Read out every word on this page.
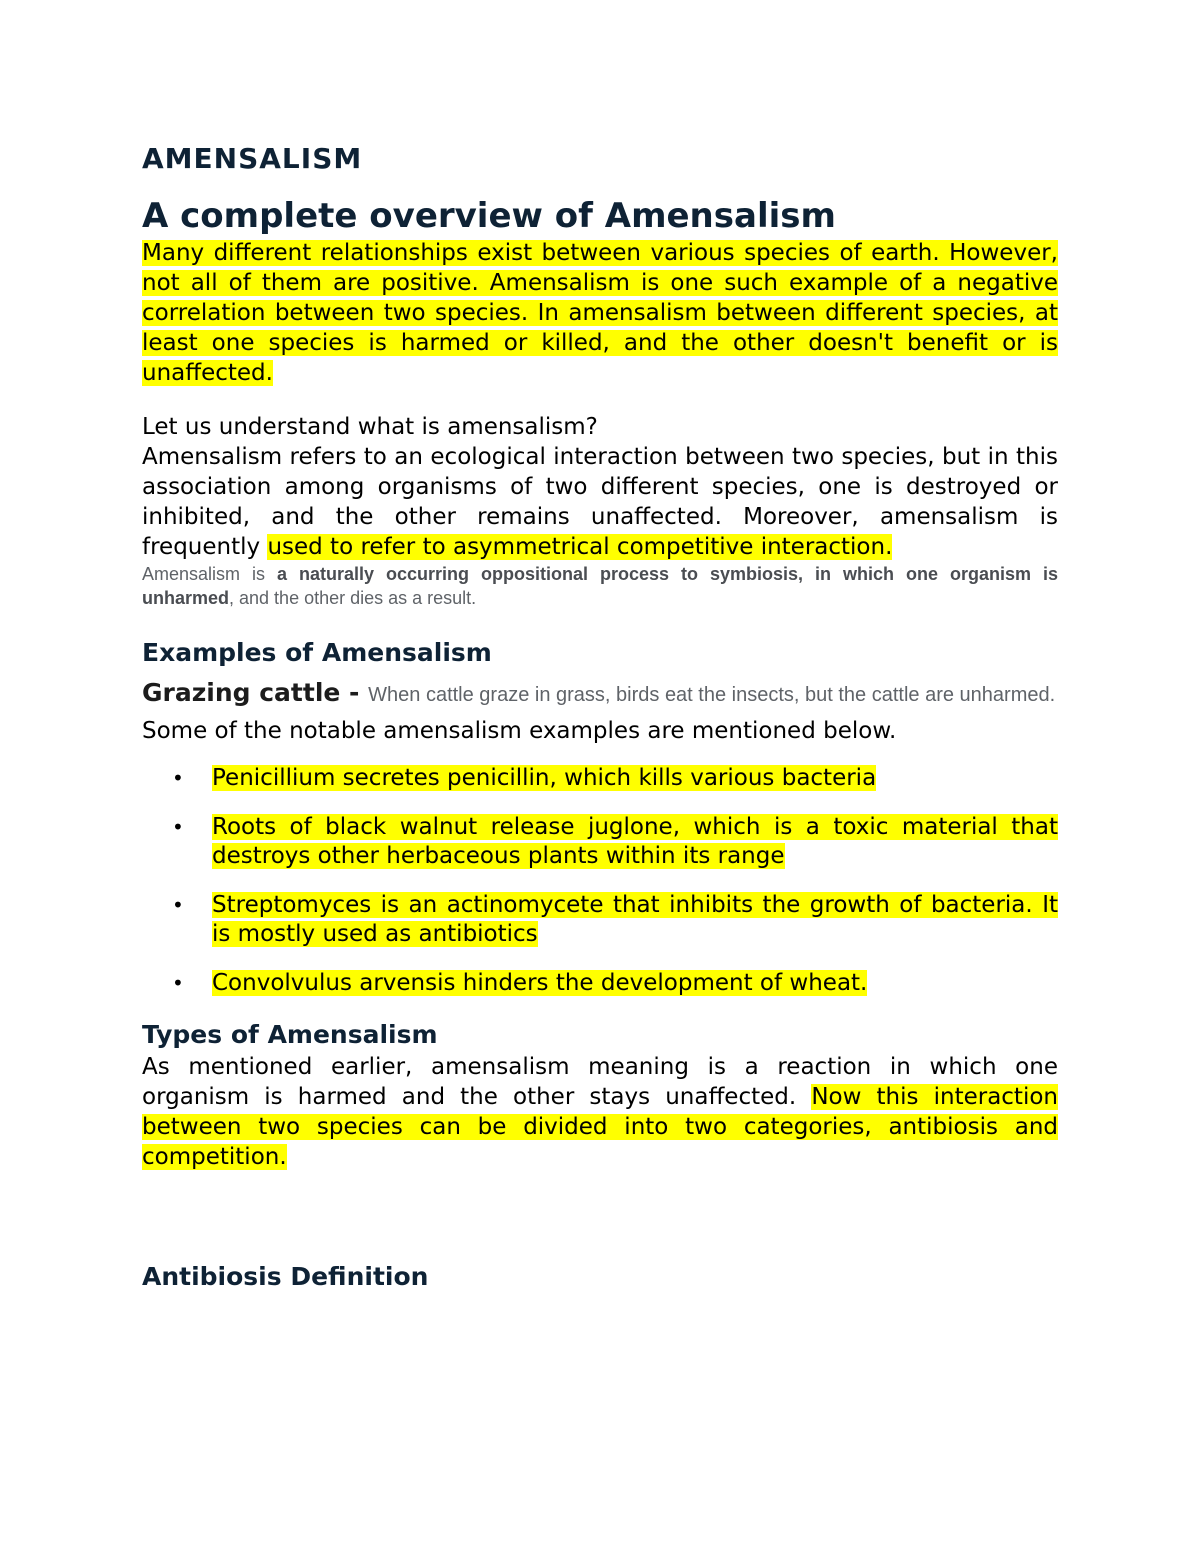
AMENSALISM
A complete overview of Amensalism

Many different relationships exist between various species of earth. However, not all of them are positive. Amensalism is one such example of a negative correlation between two species. In amensalism between different species, at least one species is harmed or killed, and the other doesn't benefit or is unaffected.

Let us understand what is amensalism?

Amensalism refers to an ecological interaction between two species, but in this association among organisms of two different species, one is destroyed or inhibited, and the other remains unaffected. Moreover, amensalism is frequently used to refer to asymmetrical competitive interaction.

Amensalism is a naturally occurring oppositional process to symbiosis, in which one organism is unharmed, and the other dies as a result.

Examples of Amensalism

Grazing cattle - When cattle graze in grass, birds eat the insects, but the cattle are unharmed.

Some of the notable amensalism examples are mentioned below.

• Penicillium secretes penicillin, which kills various bacteria
• Roots of black walnut release juglone, which is a toxic material that destroys other herbaceous plants within its range
• Streptomyces is an actinomycete that inhibits the growth of bacteria. It is mostly used as antibiotics
• Convolvulus arvensis hinders the development of wheat.
Types of Amensalism

As mentioned earlier, amensalism meaning is a reaction in which one organism is harmed and the other stays unaffected. Now this interaction between two species can be divided into two categories, antibiosis and competition.

Antibiosis Definition
